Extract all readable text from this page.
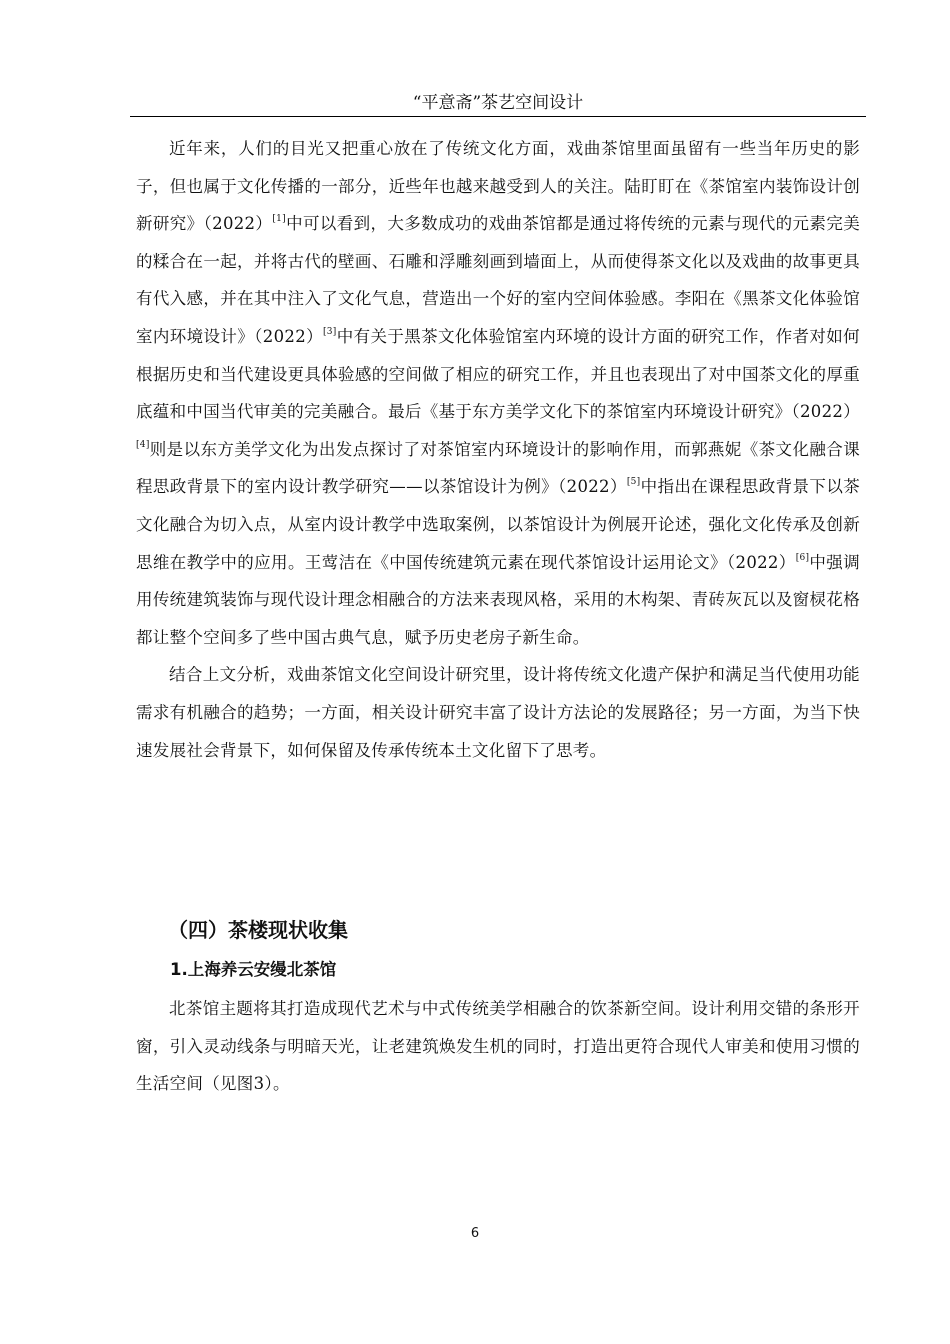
“平意斋”茶艺空间设计

近年来，人们的目光又把重心放在了传统文化方面，戏曲茶馆里面虽留有一些当年历史的影子，但也属于文化传播的一部分，近些年也越来越受到人的关注。陆盯盯在《茶馆室内装饰设计创新研究》（2022）[1]中可以看到，大多数成功的戏曲茶馆都是通过将传统的元素与现代的元素完美的糅合在一起，并将古代的壁画、石雕和浮雕刻画到墙面上，从而使得茶文化以及戏曲的故事更具有代入感，并在其中注入了文化气息，营造出一个好的室内空间体验感。李阳在《黑茶文化体验馆室内环境设计》（2022）[3]中有关于黑茶文化体验馆室内环境的设计方面的研究工作，作者对如何根据历史和当代建设更具体验感的空间做了相应的研究工作，并且也表现出了对中国茶文化的厚重底蕴和中国当代审美的完美融合。最后《基于东方美学文化下的茶馆室内环境设计研究》（2022）[4]则是以东方美学文化为出发点探讨了对茶馆室内环境设计的影响作用，而郭燕妮《茶文化融合课程思政背景下的室内设计教学研究——以茶馆设计为例》（2022）[5]中指出在课程思政背景下以茶文化融合为切入点，从室内设计教学中选取案例，以茶馆设计为例展开论述，强化文化传承及创新思维在教学中的应用。王莺洁在《中国传统建筑元素在现代茶馆设计运用论文》（2022）[6]中强调用传统建筑装饰与现代设计理念相融合的方法来表现风格，采用的木构架、青砖灰瓦以及窗棂花格都让整个空间多了些中国古典气息，赋予历史老房子新生命。

结合上文分析，戏曲茶馆文化空间设计研究里，设计将传统文化遗产保护和满足当代使用功能需求有机融合的趋势；一方面，相关设计研究丰富了设计方法论的发展路径；另一方面，为当下快速发展社会背景下，如何保留及传承传统本土文化留下了思考。

（四）茶楼现状收集
1.上海养云安缦北茶馆

北茶馆主题将其打造成现代艺术与中式传统美学相融合的饮茶新空间。设计利用交错的条形开窗，引入灵动线条与明暗天光，让老建筑焕发生机的同时，打造出更符合现代人审美和使用习惯的生活空间（见图3）。

6
